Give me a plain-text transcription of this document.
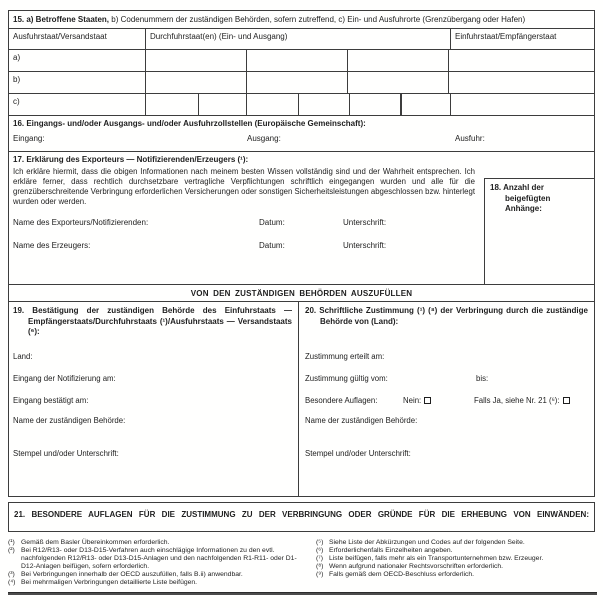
15. a) Betroffene Staaten, b) Codenummern der zuständigen Behörden, sofern zutreffend, c) Ein- und Ausfuhrorte (Grenzübergang oder Hafen)
Ausfuhrstaat/Versandstaat	Durchfuhrstaat(en) (Ein- und Ausgang)	Einfuhrstaat/Empfängerstaat
a)
b)
c)
16. Eingangs- und/oder Ausgangs- und/oder Ausfuhrzollstellen (Europäische Gemeinschaft):
Eingang:	Ausgang:	Ausfuhr:
17. Erklärung des Exporteurs — Notifizierenden/Erzeugers (¹):
Ich erkläre hiermit, dass die obigen Informationen nach meinem besten Wissen vollständig sind und der Wahrheit entsprechen. Ich erkläre ferner, dass rechtlich durchsetzbare vertragliche Verpflichtungen schriftlich eingegangen wurden und alle für die grenzüberschreitende Verbringung erforderlichen Versicherungen oder sonstigen Sicherheitsleistungen abgeschlossen bzw. hinterlegt wurden oder werden.
Name des Exporteurs/Notifizierenden:	Datum:	Unterschrift:
Name des Erzeugers:	Datum:	Unterschrift:
18. Anzahl der beigefügten Anhänge:
VON DEN ZUSTÄNDIGEN BEHÖRDEN AUSZUFÜLLEN
19. Bestätigung der zuständigen Behörde des Einfuhrstaats — Empfängerstaats/Durchfuhrstaats (¹)/Ausfuhrstaats — Versandstaats (⁶):
Land:
Eingang der Notifizierung am:
Eingang bestätigt am:
Name der zuständigen Behörde:
Stempel und/oder Unterschrift:
20. Schriftliche Zustimmung (¹) (⁸) der Verbringung durch die zuständige Behörde von (Land):
Zustimmung erteilt am:
Zustimmung gültig vom:	bis:
Besondere Auflagen:	Nein:	Falls Ja, siehe Nr. 21 (⁶):
Name der zuständigen Behörde:
Stempel und/oder Unterschrift:
21. BESONDERE AUFLAGEN FÜR DIE ZUSTIMMUNG ZU DER VERBRINGUNG ODER GRÜNDE FÜR DIE ERHEBUNG VON EINWÄNDEN:
(¹) Gemäß dem Basler Übereinkommen erforderlich.
(²) Bei R12/R13- oder D13-D15-Verfahren auch einschlägige Informationen zu den evtl. nachfolgenden R12/R13- oder D13-D15-Anlagen und den nachfolgenden R1-R11- oder D1-D12-Anlagen beifügen, sofern erforderlich.
(³) Bei Verbringungen innerhalb der OECD auszufüllen, falls B.ii) anwendbar.
(⁴) Bei mehrmaligen Verbringungen detaillierte Liste beifügen.
(⁵) Siehe Liste der Abkürzungen und Codes auf der folgenden Seite.
(⁶) Erforderlichenfalls Einzelheiten angeben.
(⁷) Liste beifügen, falls mehr als ein Transportunternehmen bzw. Erzeuger.
(⁸) Wenn aufgrund nationaler Rechtsvorschriften erforderlich.
(⁹) Falls gemäß dem OECD-Beschluss erforderlich.
